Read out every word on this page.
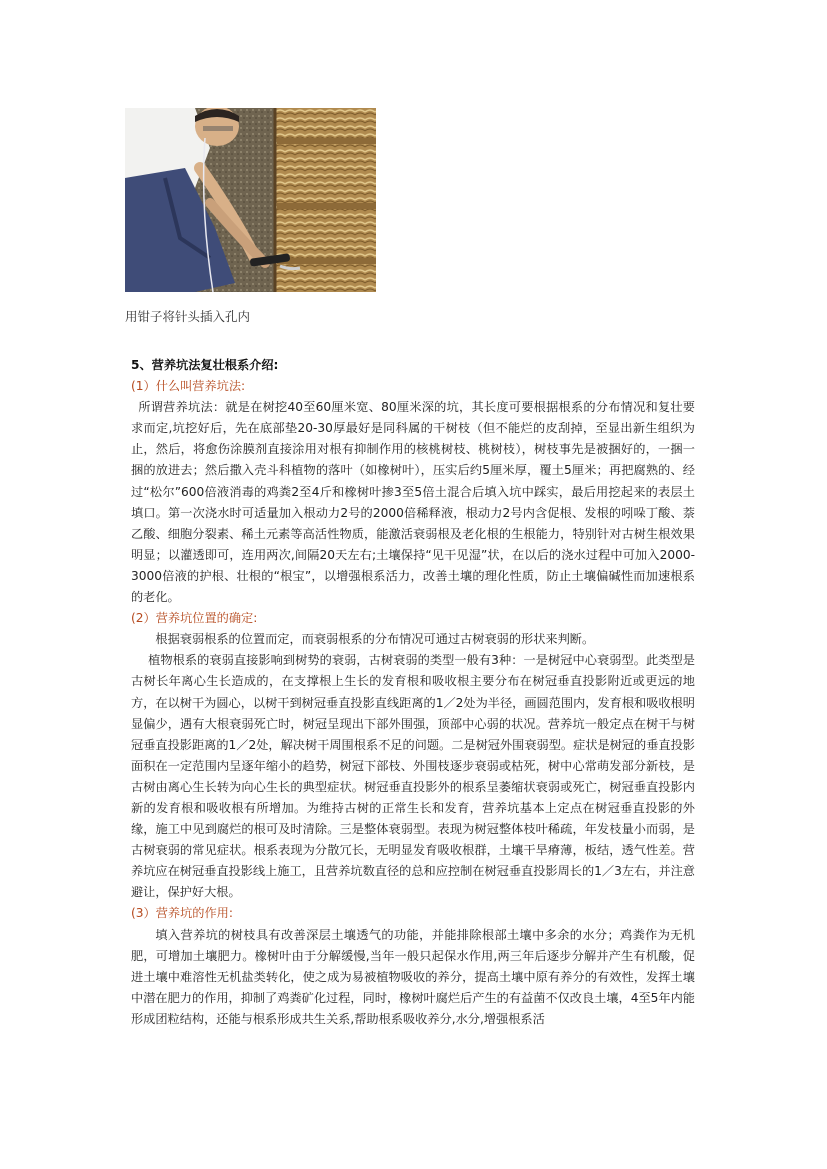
用钳子将针头插入孔内

5、营养坑法复壮根系介绍:

(1）什么叫营养坑法:

所谓营养坑法：就是在树挖40至60厘米宽、80厘米深的坑，其长度可要根据根系的分布情况和复壮要求而定,坑挖好后，先在底部垫20-30厚最好是同科属的干树枝（但不能烂的皮刮掉，至显出新生组织为止，然后，将愈伤涂膜剂直接涂用对根有抑制作用的核桃树枝、桃树枝），树枝事先是被捆好的，一捆一捆的放进去；然后撒入壳斗科植物的落叶（如橡树叶），压实后约5厘米厚，覆土5厘米；再把腐熟的、经过“松尔”600倍液消毒的鸡粪2至4斤和橡树叶掺3至5倍土混合后填入坑中踩实，最后用挖起来的表层土填口。第一次浇水时可适量加入根动力2号的2000倍稀释液，根动力2号内含促根、发根的吲哚丁酸、萘乙酸、细胞分裂素、稀土元素等高活性物质，能激活衰弱根及老化根的生根能力，特别针对古树生根效果明显；以灌透即可，连用两次,间隔20天左右;土壤保持“见干见湿”状，在以后的浇水过程中可加入2000-3000倍液的护根、壮根的“根宝”，以增强根系活力，改善土壤的理化性质，防止土壤偏碱性而加速根系的老化。

(2）营养坑位置的确定:

根据衰弱根系的位置而定，而衰弱根系的分布情况可通过古树衰弱的形状来判断。

植物根系的衰弱直接影响到树势的衰弱，古树衰弱的类型一般有3种：一是树冠中心衰弱型。此类型是古树长年离心生长造成的，在支撑根上生长的发育根和吸收根主要分布在树冠垂直投影附近或更远的地方，在以树干为圆心，以树干到树冠垂直投影直线距离的1／2处为半径，画圆范围内，发育根和吸收根明显偏少，遇有大根衰弱死亡时，树冠呈现出下部外围强，顶部中心弱的状况。营养坑一般定点在树干与树冠垂直投影距离的1／2处，解决树干周围根系不足的问题。二是树冠外围衰弱型。症状是树冠的垂直投影面积在一定范围内呈逐年缩小的趋势，树冠下部枝、外围枝逐步衰弱或枯死，树中心常萌发部分新枝，是古树由离心生长转为向心生长的典型症状。树冠垂直投影外的根系呈萎缩状衰弱或死亡，树冠垂直投影内新的发育根和吸收根有所增加。为维持古树的正常生长和发育，营养坑基本上定点在树冠垂直投影的外缘，施工中见到腐烂的根可及时清除。三是整体衰弱型。表现为树冠整体枝叶稀疏，年发枝量小而弱，是古树衰弱的常见症状。根系表现为分散冗长，无明显发育吸收根群，土壤干旱瘠薄，板结，透气性差。营养坑应在树冠垂直投影线上施工，且营养坑数直径的总和应控制在树冠垂直投影周长的1／3左右，并注意避让，保护好大根。

(3）营养坑的作用:

填入营养坑的树枝具有改善深层土壤透气的功能，并能排除根部土壤中多余的水分；鸡粪作为无机肥，可增加土壤肥力。橡树叶由于分解缓慢,当年一般只起保水作用,两三年后逐步分解并产生有机酸，促进土壤中难溶性无机盐类转化，使之成为易被植物吸收的养分，提高土壤中原有养分的有效性，发挥土壤中潜在肥力的作用，抑制了鸡粪矿化过程，同时，橡树叶腐烂后产生的有益菌不仅改良土壤，4至5年内能形成团粒结构，还能与根系形成共生关系,帮助根系吸收养分,水分,增强根系活
